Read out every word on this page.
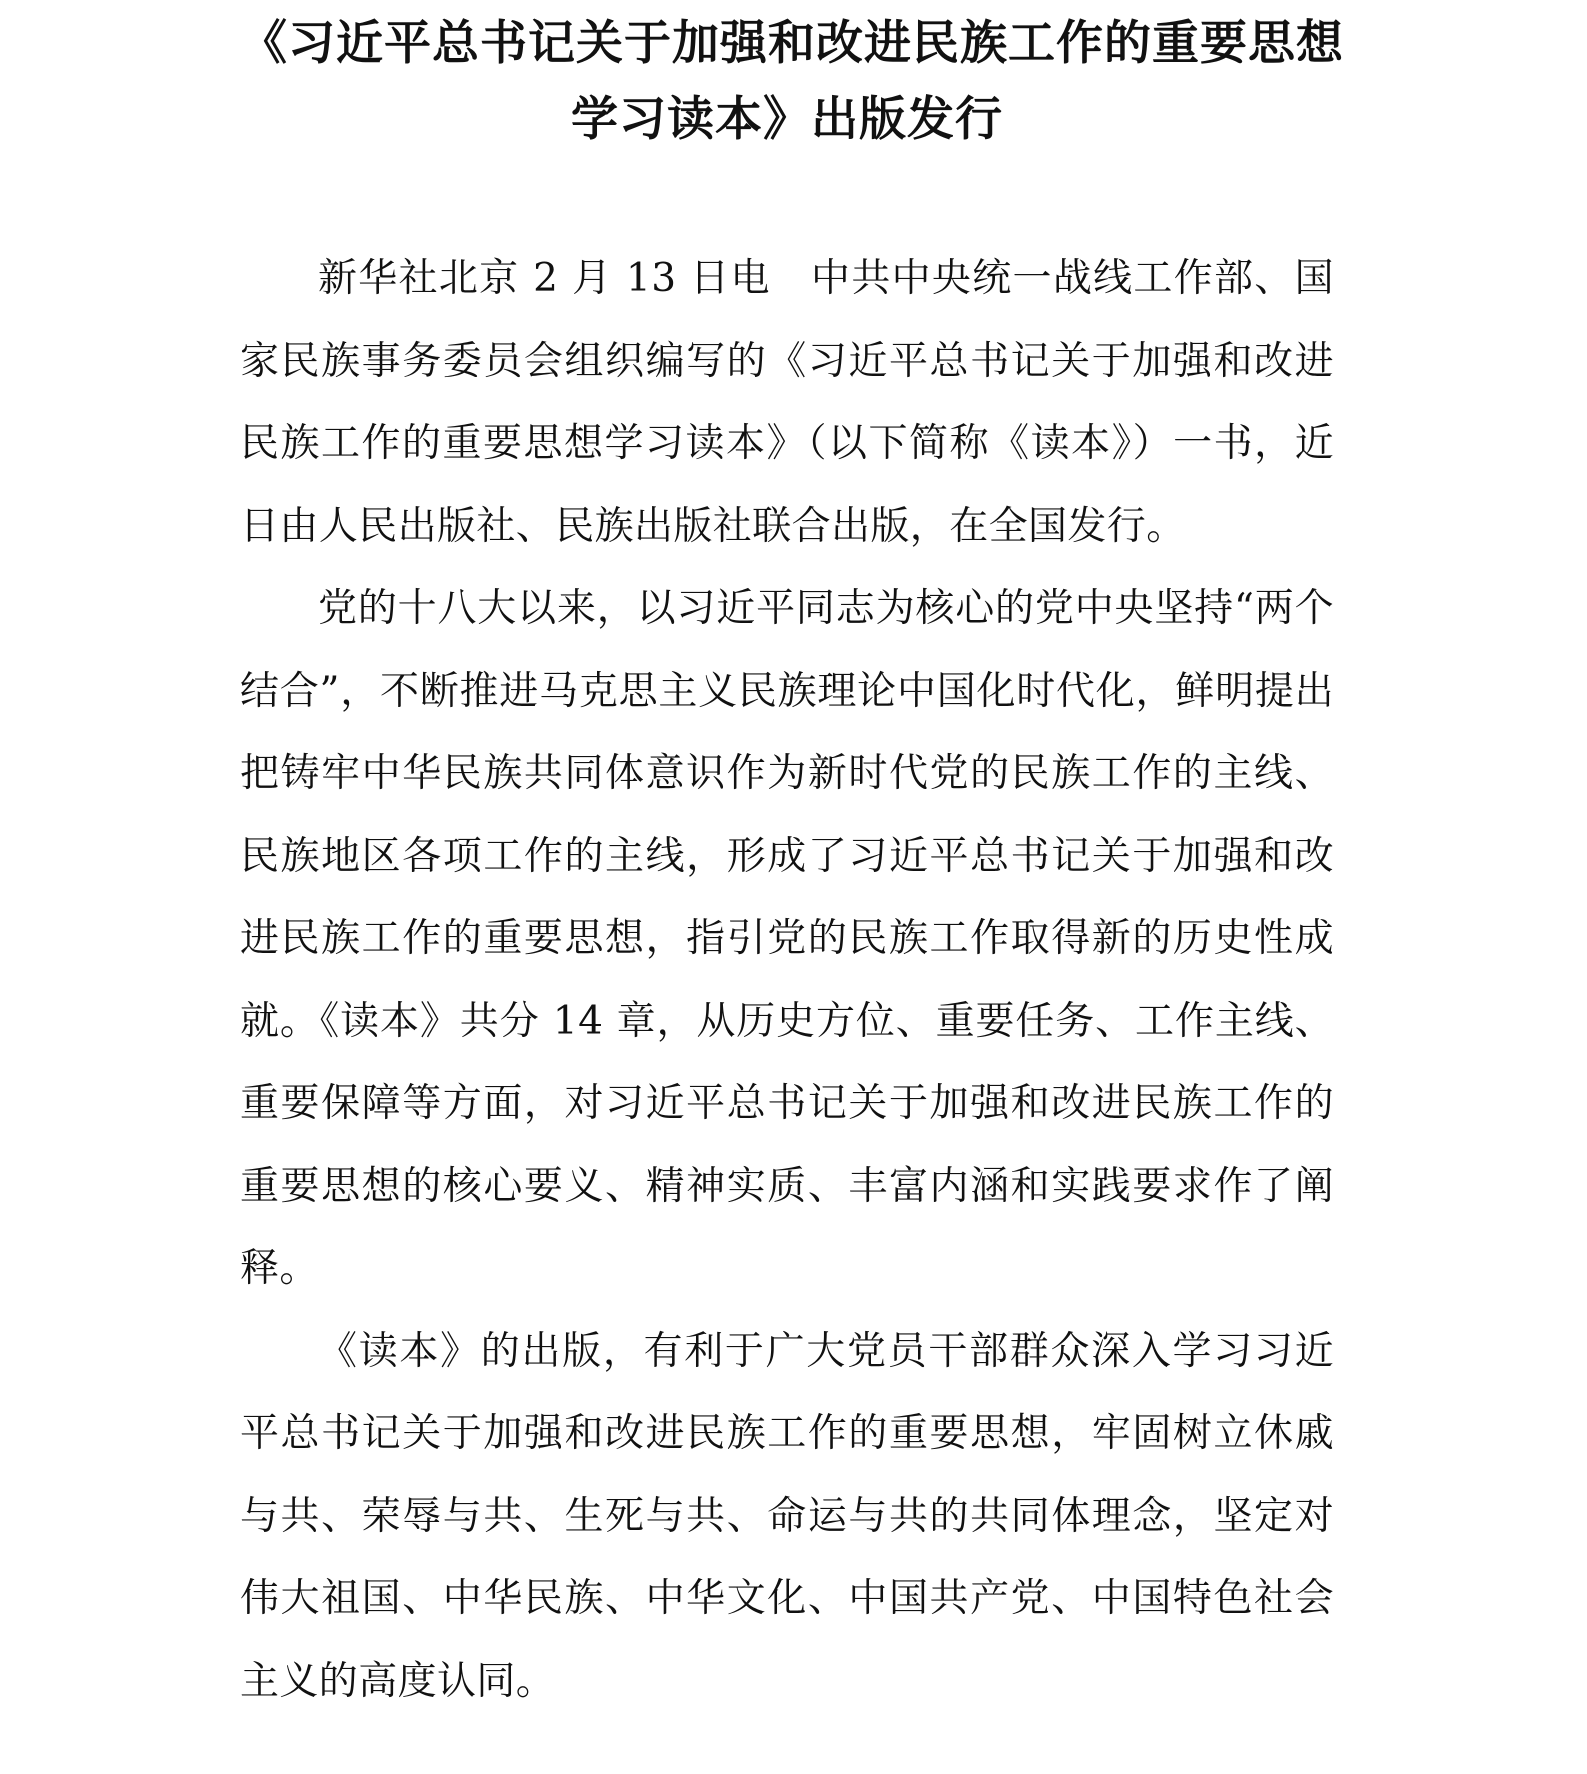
《习近平总书记关于加强和改进民族工作的重要思想
学习读本》出版发行

新华社北京 2 月 13 日电　中共中央统一战线工作部、国家民族事务委员会组织编写的《习近平总书记关于加强和改进民族工作的重要思想学习读本》（以下简称《读本》）一书，近日由人民出版社、民族出版社联合出版，在全国发行。

党的十八大以来，以习近平同志为核心的党中央坚持“两个结合”，不断推进马克思主义民族理论中国化时代化，鲜明提出把铸牢中华民族共同体意识作为新时代党的民族工作的主线、民族地区各项工作的主线，形成了习近平总书记关于加强和改进民族工作的重要思想，指引党的民族工作取得新的历史性成就。《读本》共分 14 章，从历史方位、重要任务、工作主线、重要保障等方面，对习近平总书记关于加强和改进民族工作的重要思想的核心要义、精神实质、丰富内涵和实践要求作了阐释。

《读本》的出版，有利于广大党员干部群众深入学习习近平总书记关于加强和改进民族工作的重要思想，牢固树立休戚与共、荣辱与共、生死与共、命运与共的共同体理念，坚定对伟大祖国、中华民族、中华文化、中国共产党、中国特色社会主义的高度认同。
